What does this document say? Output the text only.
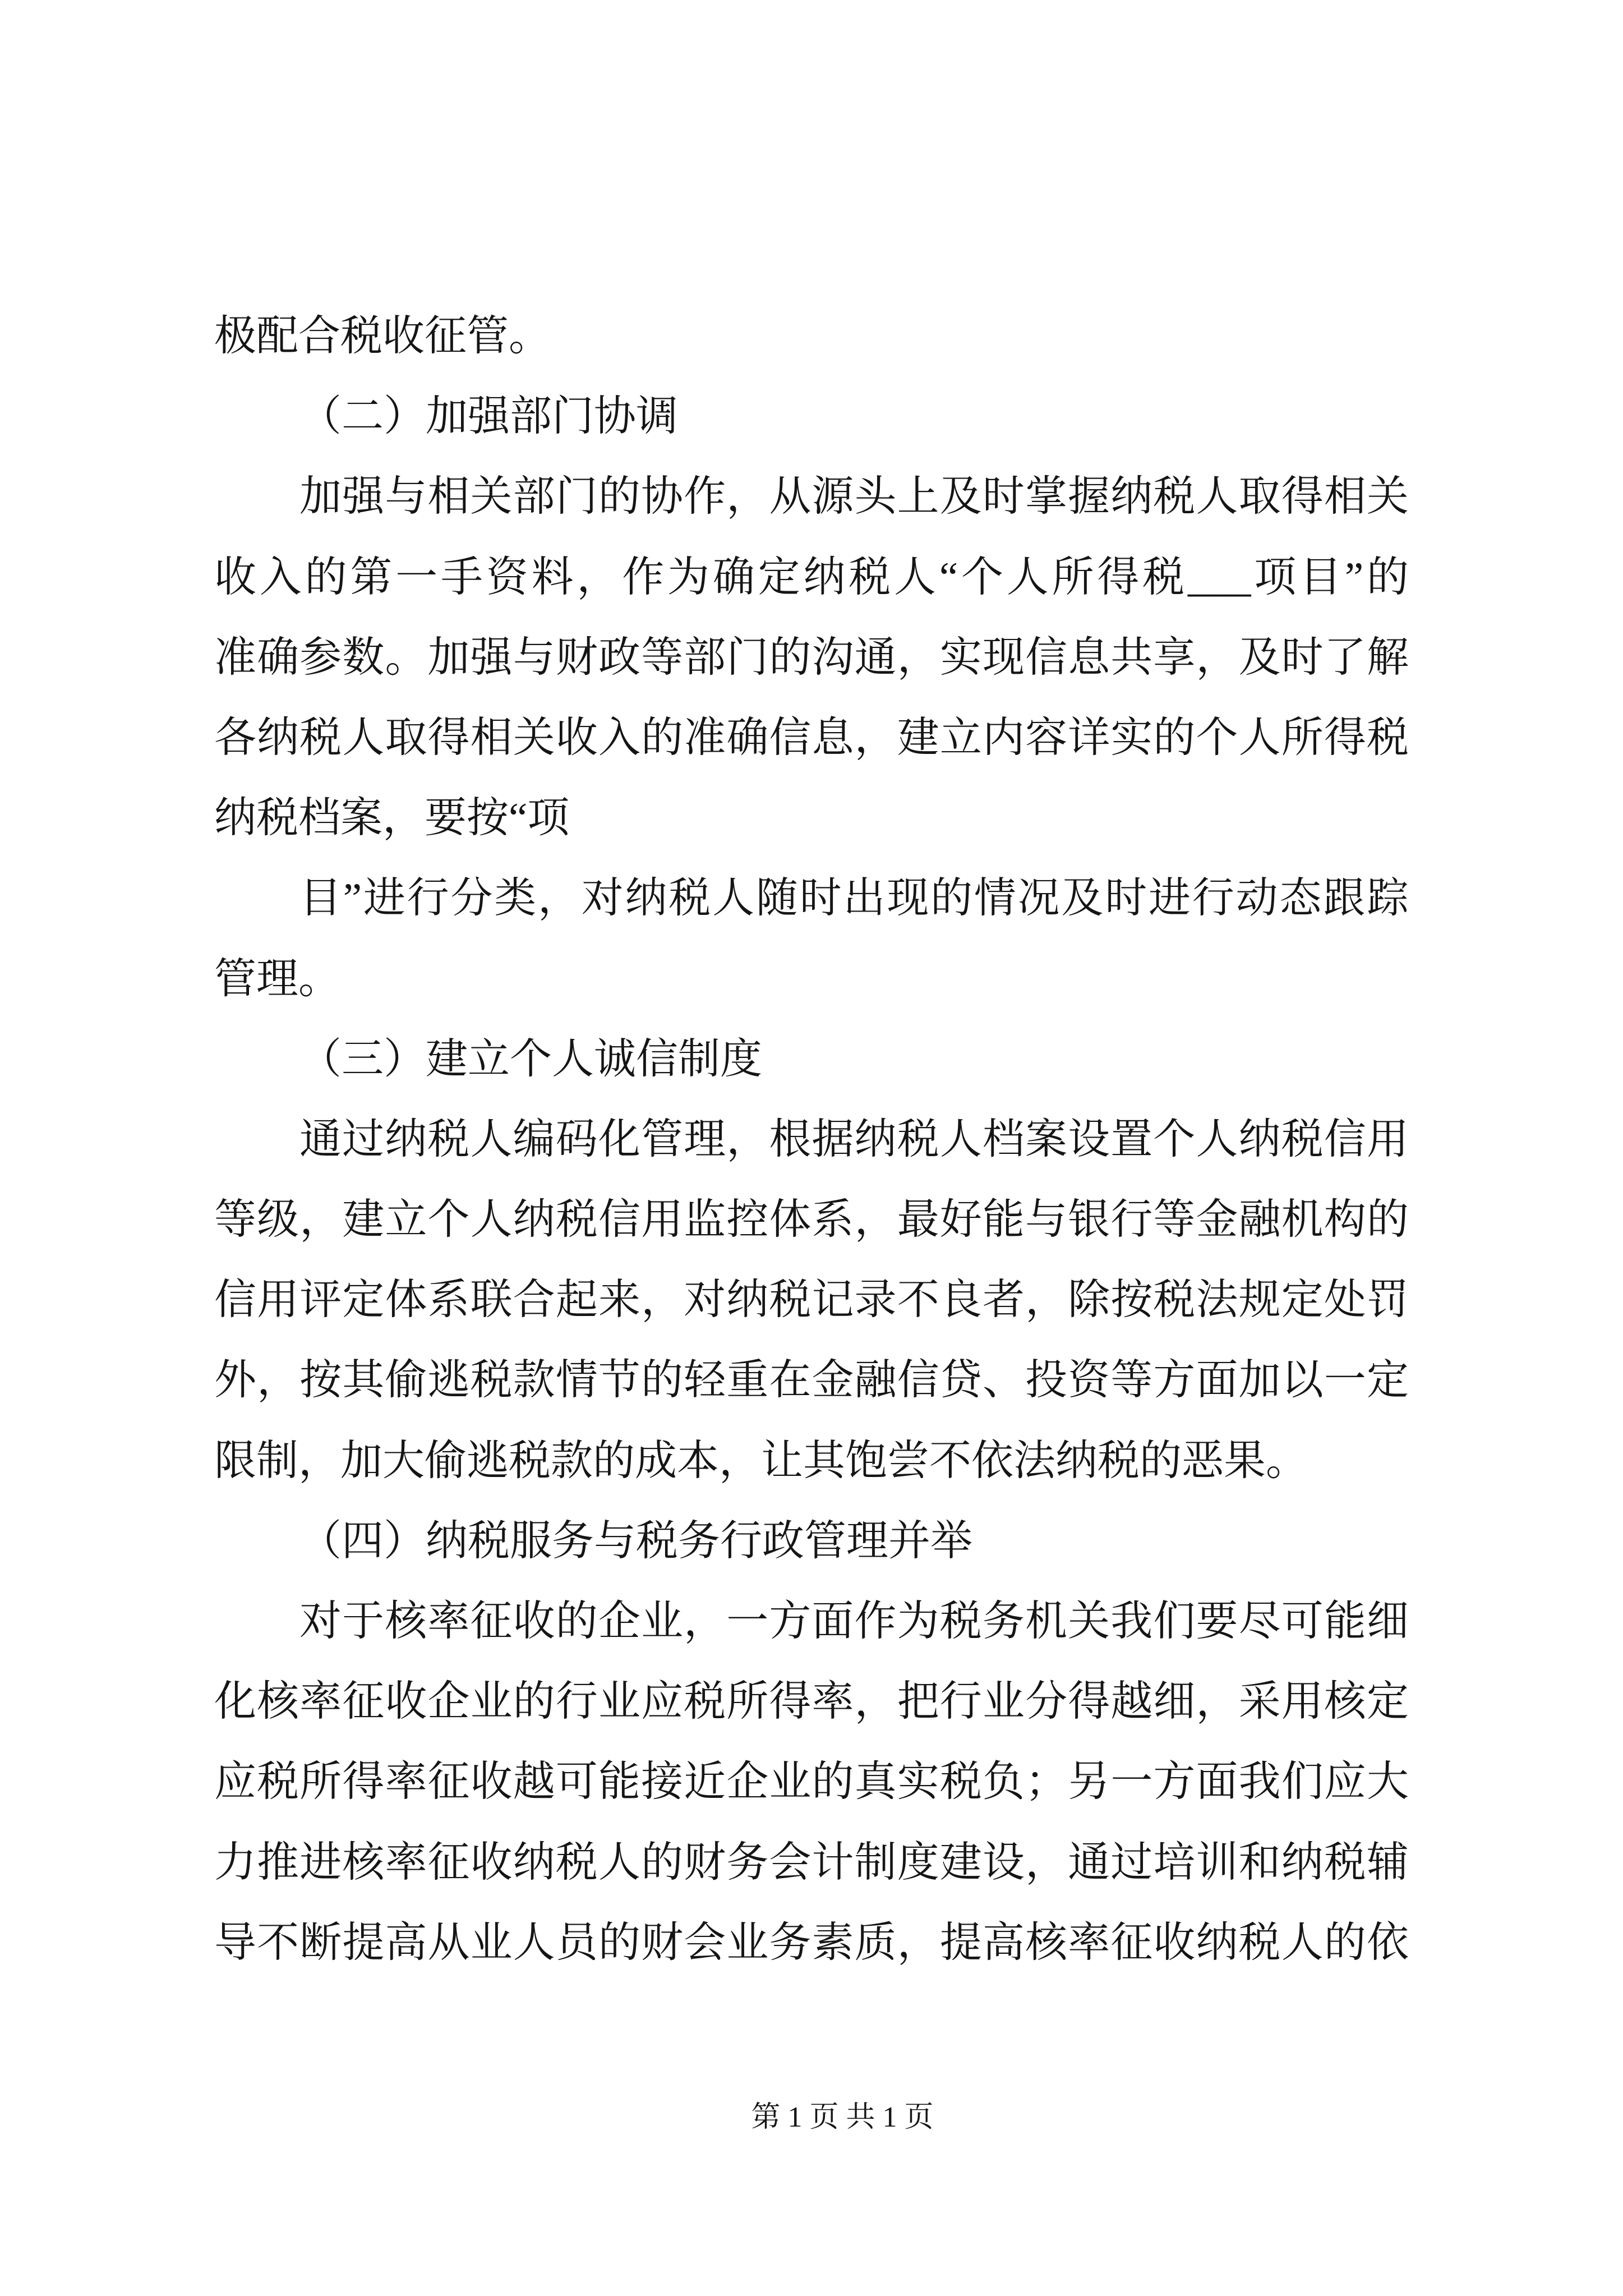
极配合税收征管。
（二）加强部门协调
加强与相关部门的协作，从源头上及时掌握纳税人取得相关
收入的第一手资料，作为确定纳税人“个人所得税___项目”的
准确参数。加强与财政等部门的沟通，实现信息共享，及时了解
各纳税人取得相关收入的准确信息，建立内容详实的个人所得税
纳税档案，要按“项
目”进行分类，对纳税人随时出现的情况及时进行动态跟踪
管理。
（三）建立个人诚信制度
通过纳税人编码化管理，根据纳税人档案设置个人纳税信用
等级，建立个人纳税信用监控体系，最好能与银行等金融机构的
信用评定体系联合起来，对纳税记录不良者，除按税法规定处罚
外，按其偷逃税款情节的轻重在金融信贷、投资等方面加以一定
限制，加大偷逃税款的成本，让其饱尝不依法纳税的恶果。
（四）纳税服务与税务行政管理并举
对于核率征收的企业，一方面作为税务机关我们要尽可能细
化核率征收企业的行业应税所得率，把行业分得越细，采用核定
应税所得率征收越可能接近企业的真实税负；另一方面我们应大
力推进核率征收纳税人的财务会计制度建设，通过培训和纳税辅
导不断提高从业人员的财会业务素质，提高核率征收纳税人的依
第 1 页 共 1 页
